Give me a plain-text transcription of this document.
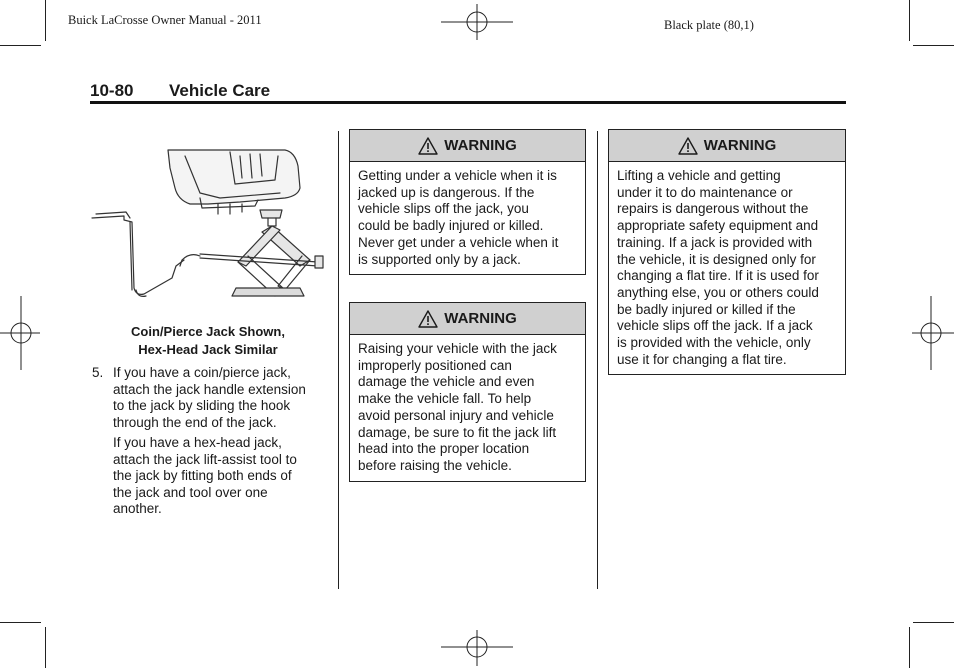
Buick LaCrosse Owner Manual - 2011	Black plate (80,1)
10-80 Vehicle Care
Coin/Pierce Jack Shown,
Hex-Head Jack Similar
5. If you have a coin/pierce jack,
attach the jack handle extension
to the jack by sliding the hook
through the end of the jack.
If you have a hex-head jack,
attach the jack lift-assist tool to
the jack by fitting both ends of
the jack and tool over one
another.
WARNING
Getting under a vehicle when it is
jacked up is dangerous. If the
vehicle slips off the jack, you
could be badly injured or killed.
Never get under a vehicle when it
is supported only by a jack.
WARNING
Raising your vehicle with the jack
improperly positioned can
damage the vehicle and even
make the vehicle fall. To help
avoid personal injury and vehicle
damage, be sure to fit the jack lift
head into the proper location
before raising the vehicle.
WARNING
Lifting a vehicle and getting
under it to do maintenance or
repairs is dangerous without the
appropriate safety equipment and
training. If a jack is provided with
the vehicle, it is designed only for
changing a flat tire. If it is used for
anything else, you or others could
be badly injured or killed if the
vehicle slips off the jack. If a jack
is provided with the vehicle, only
use it for changing a flat tire.
